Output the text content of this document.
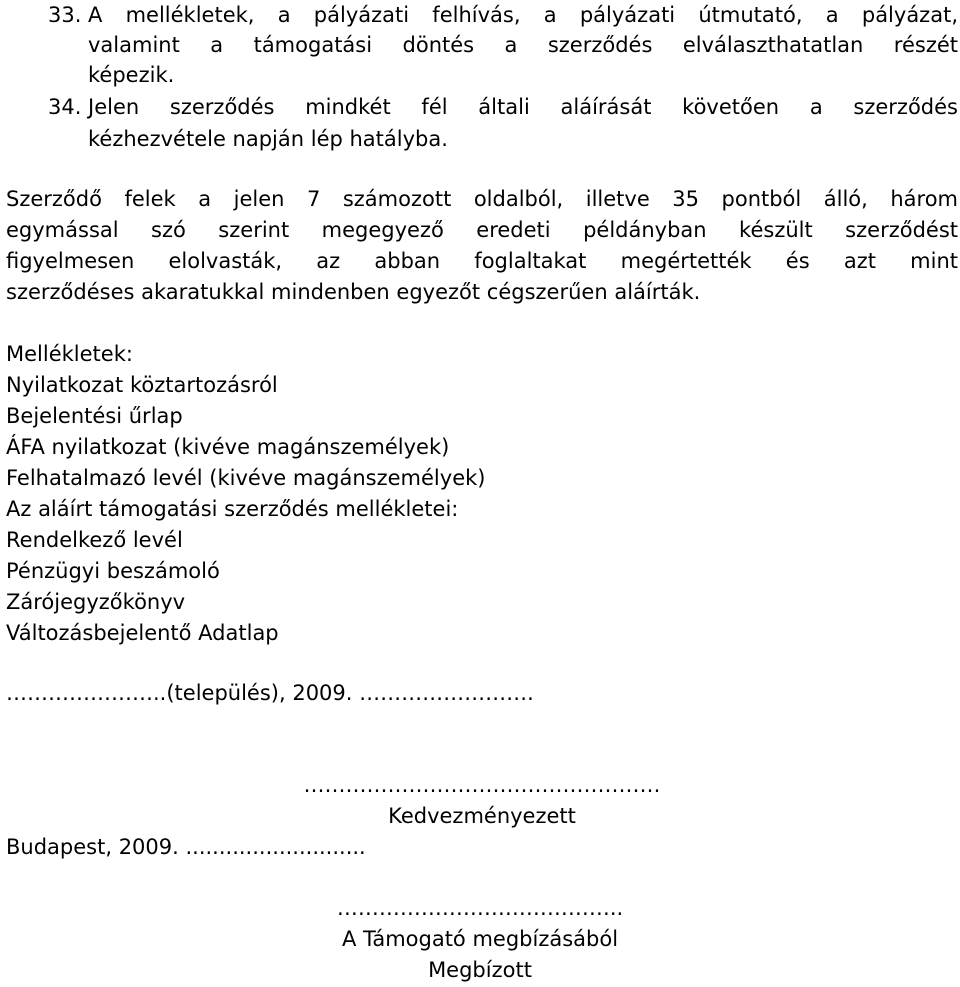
33. A mellékletek, a pályázati felhívás, a pályázati útmutató, a pályázat,
valamint a támogatási döntés a szerződés elválaszthatatlan részét
képezik.
34. Jelen szerződés mindkét fél általi aláírását követően a szerződés
kézhezvétele napján lép hatályba.
Szerződő felek a jelen 7 számozott oldalból, illetve 35 pontból álló, három
egymással szó szerint megegyező eredeti példányban készült szerződést
figyelmesen elolvasták, az abban foglaltakat megértették és azt mint
szerződéses akaratukkal mindenben egyezőt cégszerűen aláírták.
Mellékletek:
Nyilatkozat köztartozásról
Bejelentési űrlap
ÁFA nyilatkozat (kivéve magánszemélyek)
Felhatalmazó levél (kivéve magánszemélyek)
Az aláírt támogatási szerződés mellékletei:
Rendelkező levél
Pénzügyi beszámoló
Zárójegyzőkönyv
Változásbejelentő Adatlap
…………………..(település), 2009. …………………….
……………………………………………
Kedvezményezett
Budapest, 2009. ...........................
…………………………………..
A Támogató megbízásából
Megbízott
